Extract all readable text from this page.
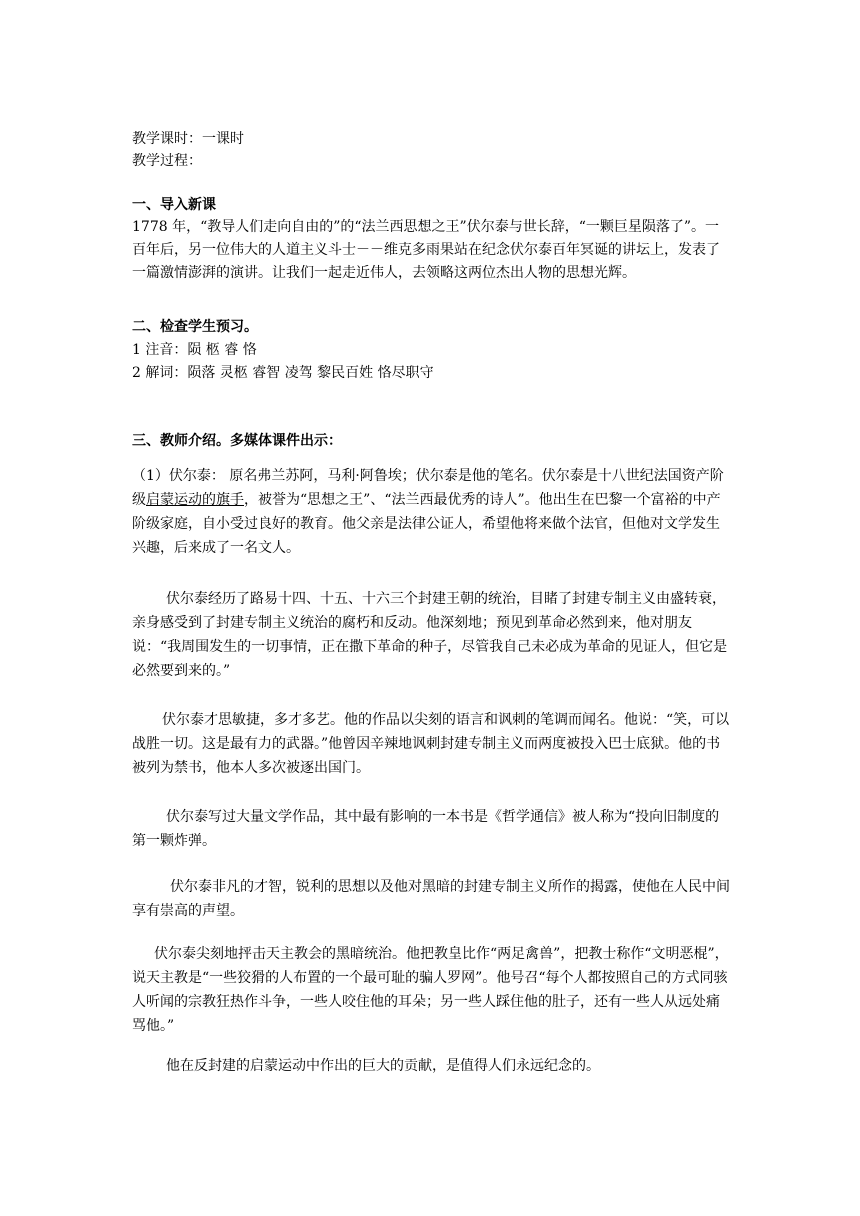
教学课时：一课时
教学过程：
一、导入新课
1778 年，“教导人们走向自由的”的“法兰西思想之王”伏尔泰与世长辞，“一颗巨星陨落了”。一百年后，另一位伟大的人道主义斗士－－维克多雨果站在纪念伏尔泰百年冥诞的讲坛上，发表了一篇激情澎湃的演讲。让我们一起走近伟人，去领略这两位杰出人物的思想光辉。
二、检查学生预习。
1 注音：陨 柩 睿 恪
2 解词：陨落 灵柩 睿智 凌驾 黎民百姓 恪尽职守
三、教师介绍。多媒体课件出示：
（1）伏尔泰： 原名弗兰苏阿，马利·阿鲁埃；伏尔泰是他的笔名。伏尔泰是十八世纪法国资产阶级启蒙运动的旗手，被誉为“思想之王”、“法兰西最优秀的诗人”。他出生在巴黎一个富裕的中产阶级家庭，自小受过良好的教育。他父亲是法律公证人，希望他将来做个法官，但他对文学发生兴趣，后来成了一名文人。
伏尔泰经历了路易十四、十五、十六三个封建王朝的统治，目睹了封建专制主义由盛转衰，亲身感受到了封建专制主义统治的腐朽和反动。他深刻地；预见到革命必然到来，他对朋友说：“我周围发生的一切事情，正在撒下革命的种子，尽管我自己未必成为革命的见证人，但它是必然要到来的。”
伏尔泰才思敏捷，多才多艺。他的作品以尖刻的语言和讽刺的笔调而闻名。他说：“笑，可以战胜一切。这是最有力的武器。”他曾因辛辣地讽刺封建专制主义而两度被投入巴士底狱。他的书被列为禁书，他本人多次被逐出国门。
伏尔泰写过大量文学作品，其中最有影响的一本书是《哲学通信》被人称为“投向旧制度的第一颗炸弹。
伏尔泰非凡的才智，锐利的思想以及他对黑暗的封建专制主义所作的揭露，使他在人民中间享有崇高的声望。
伏尔泰尖刻地抨击天主教会的黑暗统治。他把教皇比作“两足禽兽”，把教士称作“文明恶棍”，说天主教是“一些狡猾的人布置的一个最可耻的骗人罗网”。他号召“每个人都按照自己的方式同骇人听闻的宗教狂热作斗争，一些人咬住他的耳朵；另一些人踩住他的肚子，还有一些人从远处痛骂他。”
他在反封建的启蒙运动中作出的巨大的贡献，是值得人们永远纪念的。
